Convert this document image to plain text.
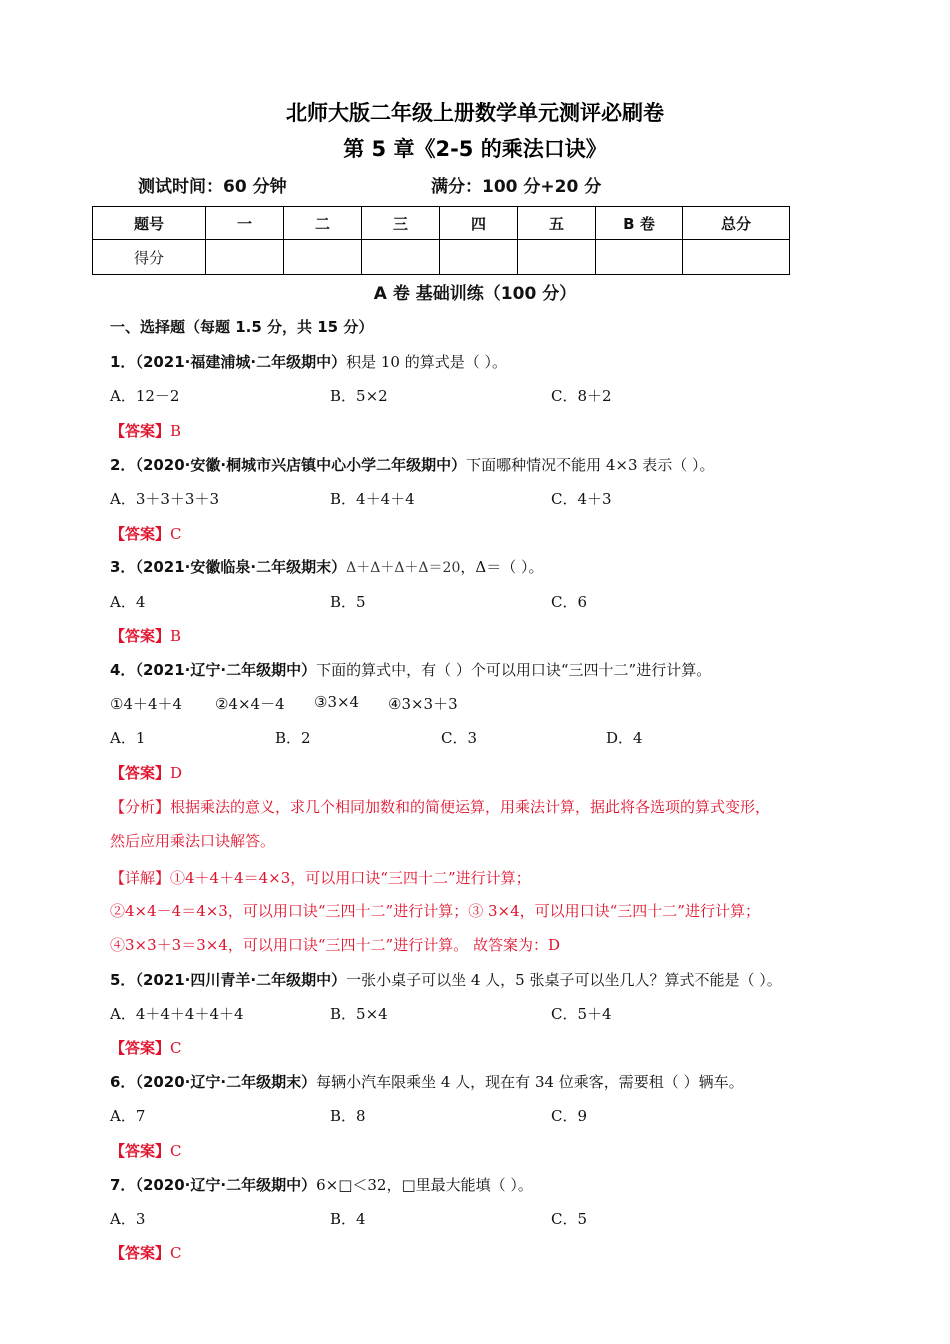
北师大版二年级上册数学单元测评必刷卷
第 5 章《2-5 的乘法口诀》
测试时间：60 分钟	满分：100 分+20 分
题号	一	二	三	四	五	B 卷	总分
得分							
A 卷 基础训练（100 分）
一、选择题（每题 1.5 分，共 15 分）
1．（2021·福建浦城·二年级期中）积是 10 的算式是（ ）。
A．12－2	B．5×2	C．8＋2
【答案】B
2．（2020·安徽·桐城市兴店镇中心小学二年级期中）下面哪种情况不能用 4×3 表示（ ）。
A．3＋3＋3＋3	B．4＋4＋4	C．4＋3
【答案】C
3．（2021·安徽临泉·二年级期末）Δ＋Δ＋Δ＋Δ＝20，Δ＝（ ）。
A．4	B．5	C．6
【答案】B
4．（2021·辽宁·二年级期中）下面的算式中，有（ ）个可以用口诀“三四十二”进行计算。
①4＋4＋4 ②4×4－4 ③3×4 ④3×3＋3
A．1	B．2	C．3	D．4
【答案】D
【分析】根据乘法的意义，求几个相同加数和的简便运算，用乘法计算，据此将各选项的算式变形，
然后应用乘法口诀解答。
【详解】①4＋4＋4＝4×3，可以用口诀“三四十二”进行计算；
②4×4－4＝4×3，可以用口诀“三四十二”进行计算；③ 3×4，可以用口诀“三四十二”进行计算；
④3×3＋3＝3×4，可以用口诀“三四十二”进行计算。 故答案为：D
5．（2021·四川青羊·二年级期中）一张小桌子可以坐 4 人，5 张桌子可以坐几人？算式不能是（ ）。
A．4＋4＋4＋4＋4	B．5×4	C．5＋4
【答案】C
6．（2020·辽宁·二年级期末）每辆小汽车限乘坐 4 人，现在有 34 位乘客，需要租（ ）辆车。
A．7	B．8	C．9
【答案】C
7．（2020·辽宁·二年级期中）6×□＜32，□里最大能填（ ）。
A．3	B．4	C．5
【答案】C
